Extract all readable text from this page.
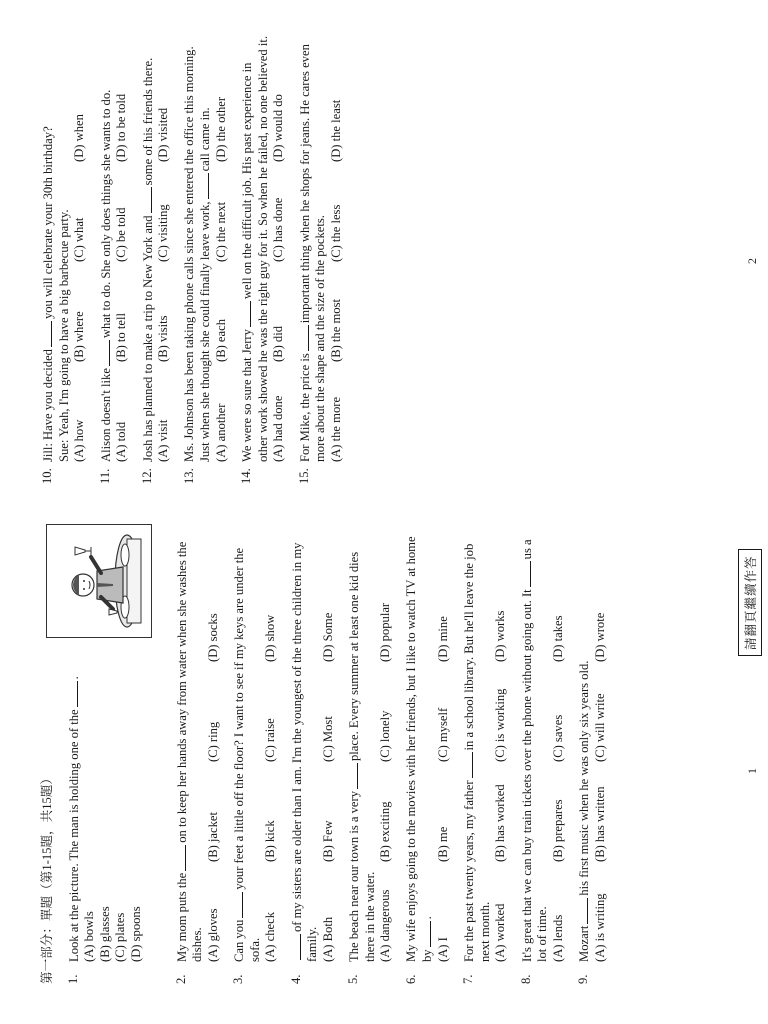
第一部分：單題（第1-15題，共15題） 1.
Look at the picture. The man is holding one of the.
(A) bowls (B) glasses (C) plates (D) spoons
2.
My mom puts theon to keep her hands away from water when she washes the dishes. (A) gloves
(B) jacket
(C) ring
(D) socks
3.
Can youyour feet a little off the floor? I want to see if my keys are under the sofa. (A) check
(B) kick
(C) raise
(D) show
4.
of my sisters are older than I am. I'm the youngest of the three children in my family. (A) Both
(B) Few
(C) Most
(D) Some
5.
The beach near our town is a veryplace. Every summer at least one kid dies there in the water. (A) dangerous
(B) exciting
(C) lonely
(D) popular
6.
My wife enjoys going to the movies with her friends, but I like to watch TV at home by.
(A) I
(B) me
(C) myself
(D) mine
7.
For the past twenty years, my fatherin a school library. But he'll leave the job next month. (A) worked
(B) has worked
(C) is working
(D) works
8.
It's great that we can buy train tickets over the phone without going out. Itus a lot of time. (A) lends
(B) prepares
(C) saves
(D) takes
9.
Mozarthis first music when he was only six years old.
(A) is writing
(B) has written
(C) will write
(D) wrote
10.
Jill: Have you decidedyou will celebrate your 30th birthday? Sue: Yeah, I'm going to have a big barbecue party. (A) how
(B) where
(C) what
(D) when
11.
Alison doesn't likewhat to do. She only does things she wants to do.
(A) told
(B) to tell
(C) be told
(D) to be told
12.
Josh has planned to make a trip to New York andsome of his friends there.
(A) visit
(B) visits
(C) visiting
(D) visited
13.
Ms. Johnson has been taking phone calls since she entered the office this morning. Just when she thought she could finally leave work,call came in.
(A) another
(B) each
(C) the next
(D) the other
14.
We were so sure that Jerrywell on the difficult job. His past experience in other work showed he was the right guy for it. So when he failed, no one believed it. (A) had done
(B) did
(C) has done
(D) would do
15.
For Mike, the price isimportant thing when he shops for jeans. He cares even more about the shape and the size of the pockets. (A) the more
(B) the most
(C) the less
(D) the least
1
請翻頁繼續作答
2
